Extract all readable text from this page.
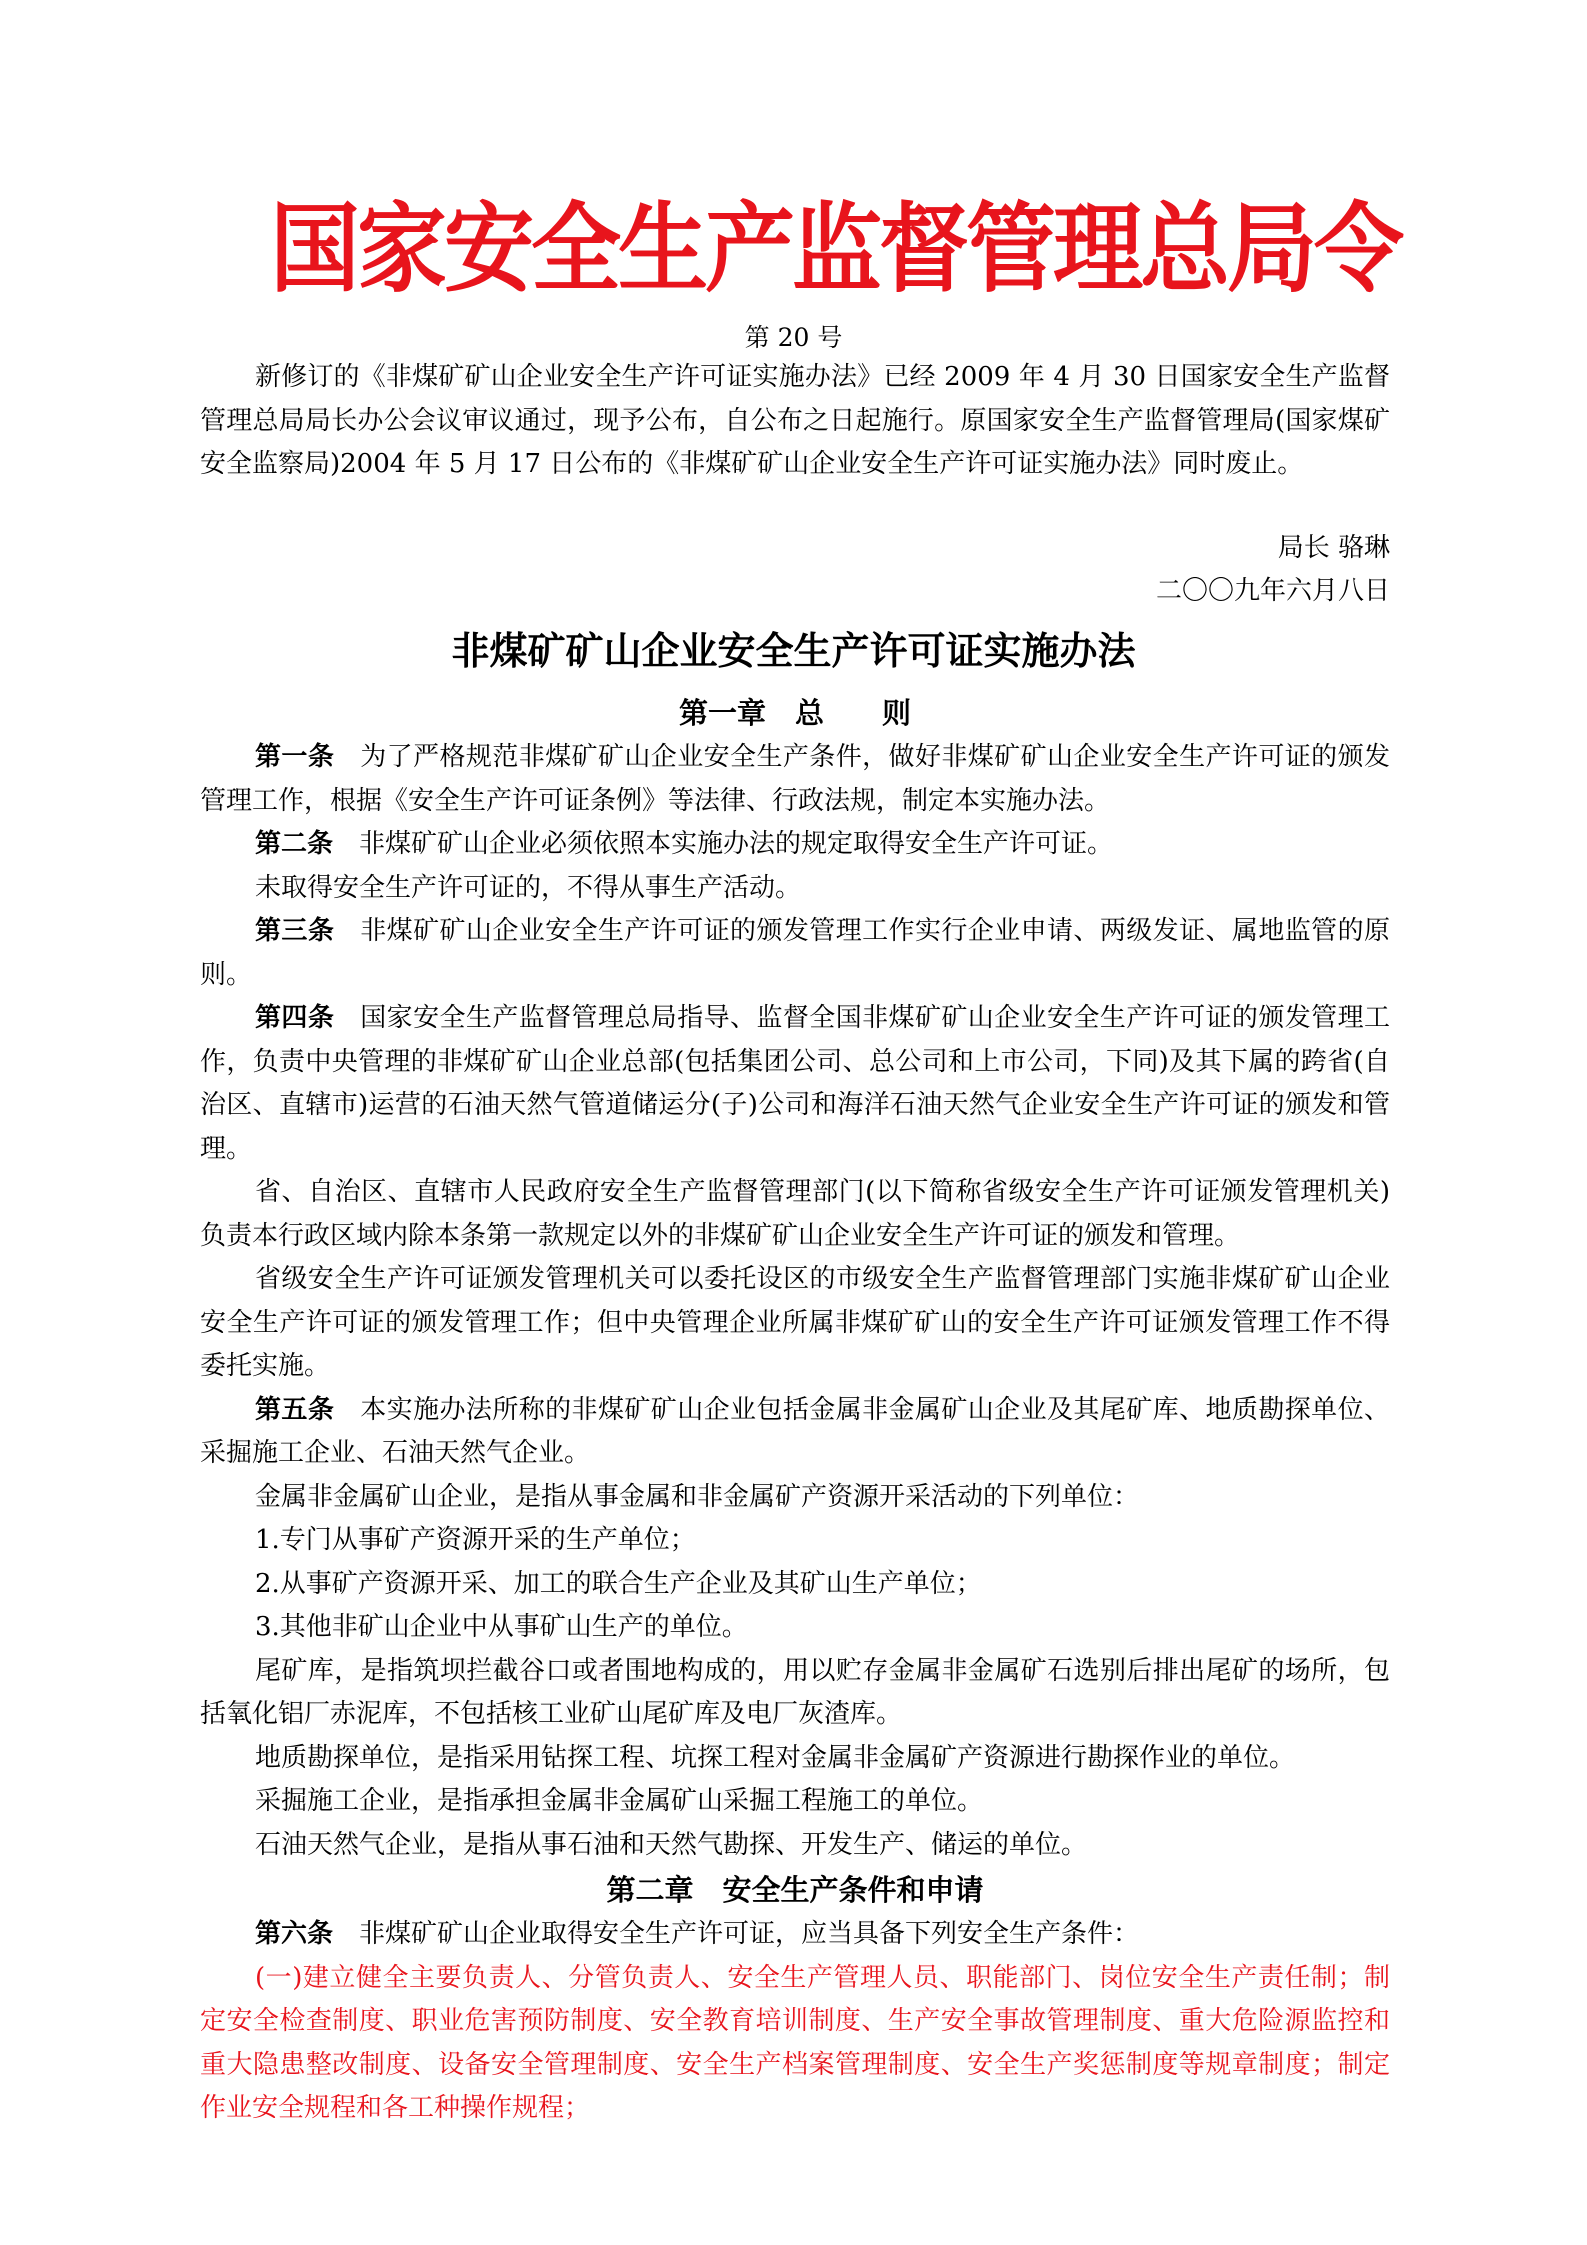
国家安全生产监督管理总局令
第 20 号

新修订的《非煤矿矿山企业安全生产许可证实施办法》已经 2009 年 4 月 30 日国家安全生产监督管理总局局长办公会议审议通过，现予公布，自公布之日起施行。原国家安全生产监督管理局(国家煤矿安全监察局)2004 年 5 月 17 日公布的《非煤矿矿山企业安全生产许可证实施办法》同时废止。

局长 骆琳
二〇〇九年六月八日
非煤矿矿山企业安全生产许可证实施办法

第一章　总　　则

第一条 为了严格规范非煤矿矿山企业安全生产条件，做好非煤矿矿山企业安全生产许可证的颁发管理工作，根据《安全生产许可证条例》等法律、行政法规，制定本实施办法。

第二条 非煤矿矿山企业必须依照本实施办法的规定取得安全生产许可证。

未取得安全生产许可证的，不得从事生产活动。

第三条 非煤矿矿山企业安全生产许可证的颁发管理工作实行企业申请、两级发证、属地监管的原则。

第四条 国家安全生产监督管理总局指导、监督全国非煤矿矿山企业安全生产许可证的颁发管理工作，负责中央管理的非煤矿矿山企业总部(包括集团公司、总公司和上市公司，下同)及其下属的跨省(自治区、直辖市)运营的石油天然气管道储运分(子)公司和海洋石油天然气企业安全生产许可证的颁发和管理。

省、自治区、直辖市人民政府安全生产监督管理部门(以下简称省级安全生产许可证颁发管理机关)负责本行政区域内除本条第一款规定以外的非煤矿矿山企业安全生产许可证的颁发和管理。

省级安全生产许可证颁发管理机关可以委托设区的市级安全生产监督管理部门实施非煤矿矿山企业安全生产许可证的颁发管理工作；但中央管理企业所属非煤矿矿山的安全生产许可证颁发管理工作不得委托实施。

第五条 本实施办法所称的非煤矿矿山企业包括金属非金属矿山企业及其尾矿库、地质勘探单位、采掘施工企业、石油天然气企业。

金属非金属矿山企业，是指从事金属和非金属矿产资源开采活动的下列单位：

1.专门从事矿产资源开采的生产单位；

2.从事矿产资源开采、加工的联合生产企业及其矿山生产单位；

3.其他非矿山企业中从事矿山生产的单位。

尾矿库，是指筑坝拦截谷口或者围地构成的，用以贮存金属非金属矿石选别后排出尾矿的场所，包括氧化铝厂赤泥库，不包括核工业矿山尾矿库及电厂灰渣库。

地质勘探单位，是指采用钻探工程、坑探工程对金属非金属矿产资源进行勘探作业的单位。

采掘施工企业，是指承担金属非金属矿山采掘工程施工的单位。

石油天然气企业，是指从事石油和天然气勘探、开发生产、储运的单位。

第二章　安全生产条件和申请

第六条 非煤矿矿山企业取得安全生产许可证，应当具备下列安全生产条件：

(一)建立健全主要负责人、分管负责人、安全生产管理人员、职能部门、岗位安全生产责任制；制定安全检查制度、职业危害预防制度、安全教育培训制度、生产安全事故管理制度、重大危险源监控和重大隐患整改制度、设备安全管理制度、安全生产档案管理制度、安全生产奖惩制度等规章制度；制定作业安全规程和各工种操作规程；
